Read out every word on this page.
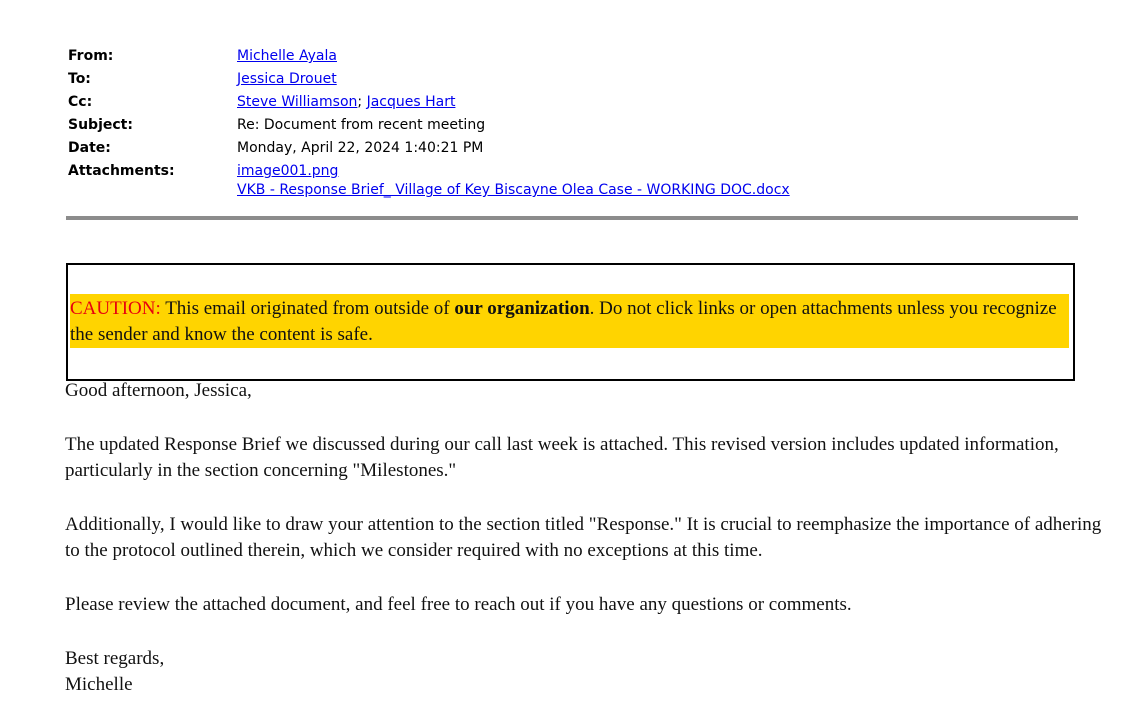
From:	Michelle Ayala
To:	Jessica Drouet
Cc:	Steve Williamson; Jacques Hart
Subject:	Re: Document from recent meeting
Date:	Monday, April 22, 2024 1:40:21 PM
Attachments:	image001.png
VKB - Response Brief_ Village of Key Biscayne Olea Case - WORKING DOC.docx
CAUTION: This email originated from outside of our organization. Do not click links or open attachments unless you recognize the sender and know the content is safe.

Good afternoon, Jessica,

The updated Response Brief we discussed during our call last week is attached. This revised version includes updated information, particularly in the section concerning "Milestones."

Additionally, I would like to draw your attention to the section titled "Response." It is crucial to reemphasize the importance of adhering to the protocol outlined therein, which we consider required with no exceptions at this time.

Please review the attached document, and feel free to reach out if you have any questions or comments.

Best regards,

Michelle
